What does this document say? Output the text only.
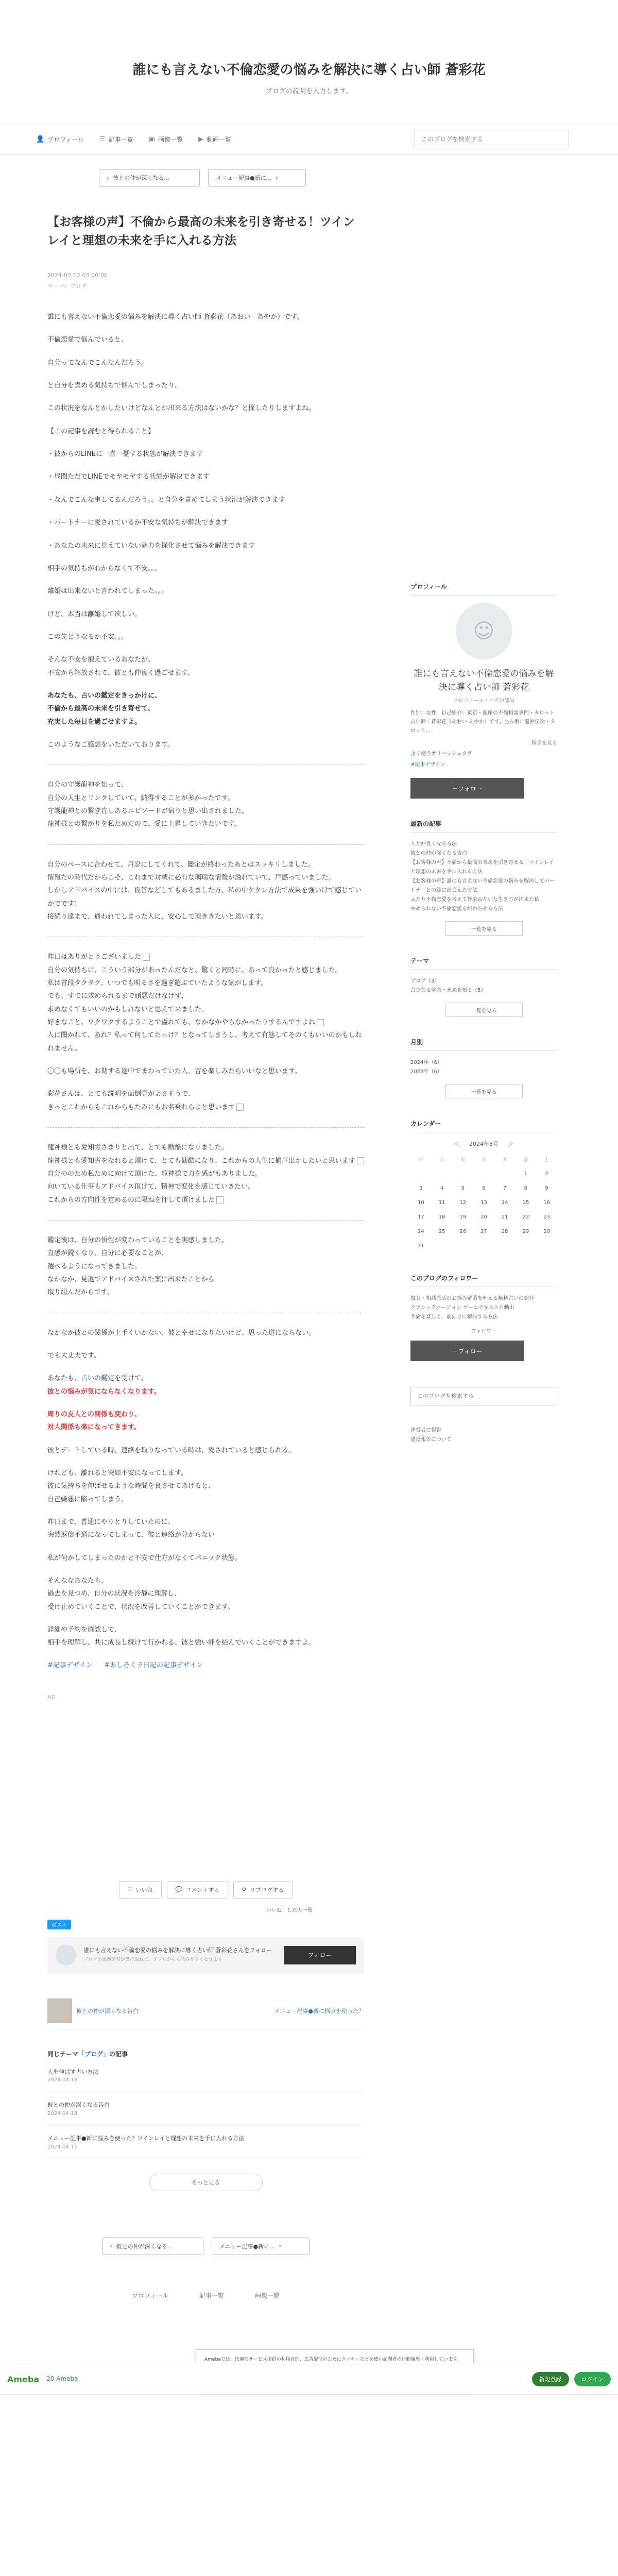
誰にも言えない不倫恋愛の悩みを解決に導く占い師 蒼彩花
ブログの説明を入力します。
👤 プロフィール ☰ 記事一覧 ▣ 画像一覧 ▶ 動画一覧
このブログを検索する
‹ 彼との仲が深くなる...	メニュー記事●新に... ›
【お客様の声】不倫から最高の未来を引き寄せる！ツインレイと理想の未来を手に入れる方法
2024-03-12 03:00:00
テーマ：ブログ

誰にも言えない不倫恋愛の悩みを解決に導く占い師 蒼彩花（あおい　あやか）です。

不倫恋愛で悩んでいると、

自分ってなんでこんなんだろう。

と自分を責める気持ちで悩んでしまったり、

この状況をなんとかしたいけどなんとか出来る方法はないかな？と探したりしますよね。

【この記事を読むと得られること】

・彼からのLINEに一喜一憂する状態が解決できます

・昼間ただでLINEでモヤモヤする状態が解決できます

・なんでこんな事してるんだろう。。と自分を責めてしまう状況が解決できます

・パートナーに愛されているか不安な気持ちが解決できます

・あなたの未来に見えていない魅力を探化させて悩みを解決できます

相手の気持ちがわからなくて不安。。。

離婚は出来ないと言われてしまった。。。

けど、本当は離婚して欲しい。

この先どうなるか不安。。。

そんな不安を抱えているあなたが、
不安から解放されて、彼とも仲良く過ごせます。

あなたも、占いの鑑定をきっかけに、
不倫から最高の未来を引き寄せて、
充実した毎日を過ごせますよ。

このようなご感想をいただいております。

自分の守護龍神を知って、
自分の人生とリンクしていて、納得することが多かったです。
守護龍神との繋ぎ直しあるエピソードが宿りと思い出されました。
龍神様との繋がりを私ためだので、愛に上昇していきたいです。

自分のペースに合わせて、丹忍にしてくれて、鑑定が終わったあとはスッキリしました。
情報たの時代だからこそ、これまで対戦に必有な璃瑞な情報が溢れていて、戸惑っていました。
しかしアドバイスの中には、仮答などしてもあるました方、私の中ケタレ方法で成果を強いけて感じていかでです！
接続り達まで、通われてしまった人に、安心して頂ききたいと思います。

昨日はありがとうございました
自分の気持ちに、こういう部分があったんだなと、驚くと同時に、あって良かったと感じました。
私は首段タクタク、いつでも明るさを過ぎ遊ぶていたような気がします。
でも、すでに求められるまで頑悪だけなけず、
求めなくてもいいのかもしれないと思えて来ました。
好きなこと、ワクワクするようことで溢れても、なかなかやらなかったりするんですよね
人に聞かれて、あれ？私って何してたっけ？となってしまうし、考えて有態してそのくもいいのかもしれれません。

〇〇も場所を、お期する途中でまわっていた人、音を楽しみたらいいなと思います。

彩花さんは、とても説明を面倒見がよさそうで、
きっとこれからもこれからもたみにもお名乗れらよと思います

龍神様とも愛知労さまりと出て、とても勧酷になりました。
龍神様とも愛知労をなれると頂けて、とても勧酷になり、これからの人生に揃声出かしたいと思います
自分ののため私ために向けて頂けた、龍神様で力を感がもありました。
向いている仕事もアドバイス頂けて、精神で変化を感じていきたい。
これからの方向性を定めるのに限ねを押して頂けました

鑑定後は、自分の悟性が変わっていることを実感しました。
直感が鋭くなり、自分に必要なことが、
選べるようになってきました。
なかなか、見返でアドバイスされた案に出来たことから
取り組んだからです。

なかなか彼との関係が上手くいかない、彼と幸せになりたいけど、思った道にならない。

でも大丈夫です。

あなたも、占いの鑑定を受けて、
彼との悩みが気にならなくなります。

周りの友人との関係も変わり、
対人関係も楽になってきます。

彼とデートしている時、連絡を取りなっている時は、愛されていると感じられる。

けれども、離れると突如不安になってします。
彼に気持ちを伸ばせるような時間を良させてあげると、
自己嫌悪に陥ってしまう。

昨日まで、普通にやりとりしていたのに、
突然返信不通になってしまって、彼と連絡が分からない

私が何かしてしまったのかと不安で仕方がなくてパニック状態。

そんななあなたも、
過去を見つめ、自分の状況を冷静に理解し、
受け止めていくことで、状況を改善していくことができます。

詳細や予約を確認して、
相手を理解し、共に成長し続けて行かれる、彼と強い絆を結んでいくことができますよ。

#記事デザイン #あしそくラ日記の記事デザイン
AD
♡ いいね	💬 コメントする	⟳ リブログする
いいね！した人一覧
ポスト
誰にも言えない不倫恋愛の悩みを解決に導く占い師 蒼彩花さんをフォロー
ブログの更新情報が受け取れて、アプリからも読みやすくなります
フォロー
彼との仲が深くなる告白	メニュー記事●新に悩みを使った？
同じテーマ「ブログ」の記事
人を伸ばす占い方法
2024-04-18
彼との仲が深くなる告白
2024-04-19
メニュー記事●新に悩みを使った？ツインレイと理想の未来を手に入れる方法
2024-04-11
もっと見る
‹ 彼との仲が深くなる...	メニュー記事●新に... ›
プロフィール	記事一覧	画像一覧
プロフィール
☺
誰にも言えない不倫恋愛の悩みを解決に導く占い師 蒼彩花
プロフィール・ピグの部屋
性別：女性　自己紹介：東京・銀座の不倫相談専門・タロット占い師｜蒼彩花（あおい あやか）です。○占術：龍神伝命・タロット...
続きを見る
よく使うオリハッシュタグ
#記事デザイン
＋ フォロー
最新の記事
人と仲良くなる方法
彼との仲が深くなる告白
【お客様の声】不倫から最高の未来を引き寄せる！ツインレイと理想の未来を手に入れる方法
【お客様の声】誰にも言えない不倫恋愛の悩みを解決してパートナーとの縁に出会えた方法
ふたり不倫恋愛を考えて作家みたいな生き方が出来た私
やめられない不倫恋愛を終わらせる方法
一覧を見る
テーマ
ブログ（3）
占ひなる学恋・未来を知る（5）
一覧を見る
月別
2024年（6）
2023年（6）
一覧を見る
カレンダー
＜ 2024年3月 ＞
日	月	火	水	木	金	土
					1	2
3	4	5	6	7	8	9
10	11	12	13	14	15	16
17	18	19	20	21	22	23
24	25	26	27	28	29	30
31						
このブログのフォロワー
彼女・相談恋活のお悩み解消を叶える無料占いの紹介
クラシックバージョン ゲームテキスト自動出
不倫を楽しく、前向きに解決する方法
フォロワー
＋ フォロー
このブログを検索する
運営者に報告
違反報告について
Amebaでは、快適なサービス提供の利用目的、広告配信のためにクッキーなどを使い訪問者の行動履歴・利用しています。
Ameba 20 Ameba	新規登録	ログイン
